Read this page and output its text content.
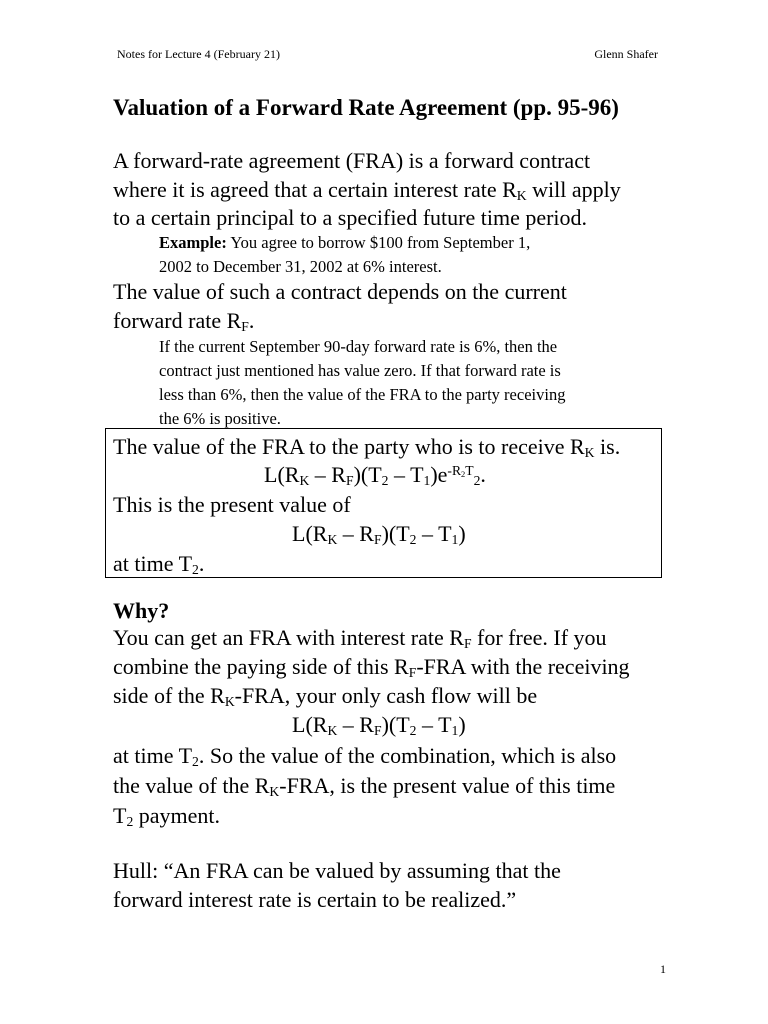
Notes for Lecture 4 (February 21)	Glenn Shafer
Valuation of a Forward Rate Agreement (pp. 95-96)
A forward-rate agreement (FRA) is a forward contract
where it is agreed that a certain interest rate $R_K$ will apply
to a certain principal to a specified future time period.
Example: You agree to borrow $100 from September 1,
2002 to December 31, 2002 at 6% interest.
The value of such a contract depends on the current
forward rate $R_F$.
If the current September 90-day forward rate is 6%, then the
contract just mentioned has value zero. If that forward rate is
less than 6%, then the value of the FRA to the party receiving
the 6% is positive.
The value of the FRA to the party who is to receive $R_K$ is.
$L(R_K - R_F)(T_2 - T_1)e^{-R_2T}_2$.
This is the present value of
$L(R_K - R_F)(T_2 - T_1)$
at time $T_2$.
Why?
You can get an FRA with interest rate $R_F$ for free. If you
combine the paying side of this $R_F$-FRA with the receiving
side of the $R_K$-FRA, your only cash flow will be
$L(R_K - R_F)(T_2 - T_1)$
at time $T_2$. So the value of the combination, which is also
the value of the $R_K$-FRA, is the present value of this time
$T_2$ payment.
Hull: “An FRA can be valued by assuming that the
forward interest rate is certain to be realized.”
1
